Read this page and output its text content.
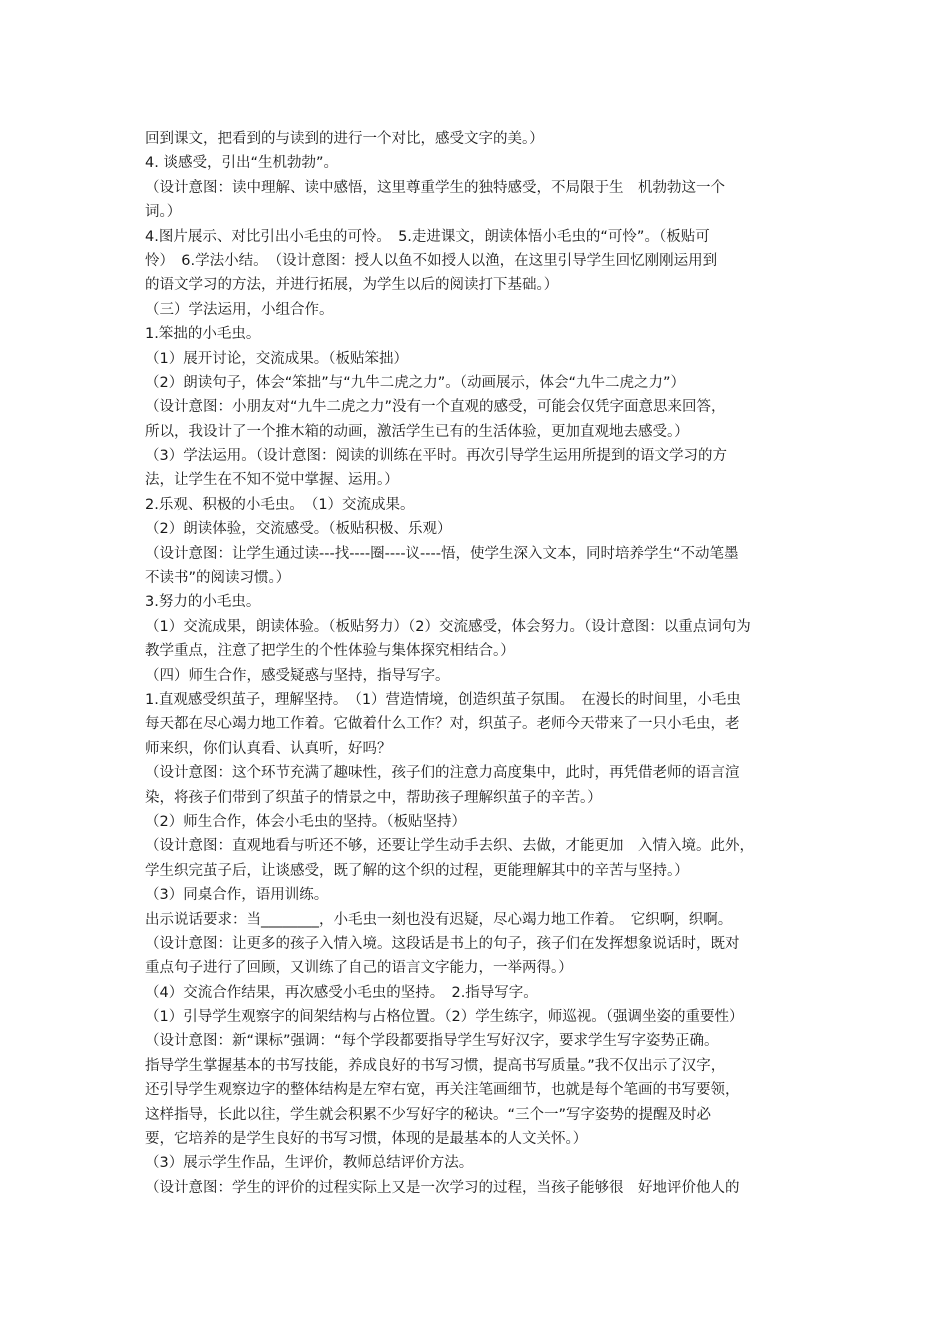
回到课文，把看到的与读到的进行一个对比，感受文字的美。）
4. 谈感受，引出“生机勃勃”。
（设计意图：读中理解、读中感悟，这里尊重学生的独特感受，不局限于生　机勃勃这一个
词。）
4.图片展示、对比引出小毛虫的可怜。　5.走进课文，朗读体悟小毛虫的“可怜”。（板贴可
怜）　6.学法小结。　（设计意图：授人以鱼不如授人以渔，在这里引导学生回忆刚刚运用到
的语文学习的方法，并进行拓展，为学生以后的阅读打下基础。）
（三）学法运用，小组合作。
1.笨拙的小毛虫。
（1）展开讨论，交流成果。（板贴笨拙）
（2）朗读句子，体会“笨拙”与“九牛二虎之力”。（动画展示，体会“九牛二虎之力”）
（设计意图：小朋友对“九牛二虎之力”没有一个直观的感受，可能会仅凭字面意思来回答，
所以，我设计了一个推木箱的动画，激活学生已有的生活体验，更加直观地去感受。）
（3）学法运用。（设计意图：阅读的训练在平时。再次引导学生运用所提到的语文学习的方
法，让学生在不知不觉中掌握、运用。）
2.乐观、积极的小毛虫。　（1）交流成果。
（2）朗读体验，交流感受。（板贴积极、乐观）
（设计意图：让学生通过读---找----圈----议----悟，使学生深入文本，同时培养学生“不动笔墨
不读书”的阅读习惯。）
3.努力的小毛虫。
（1）交流成果，朗读体验。（板贴努力）（2）交流感受，体会努力。（设计意图：以重点词句为
教学重点，注意了把学生的个性体验与集体探究相结合。）
（四）师生合作，感受疑惑与坚持，指导写字。
1.直观感受织茧子，理解坚持。　（1）营造情境，创造织茧子氛围。　在漫长的时间里，小毛虫
每天都在尽心竭力地工作着。它做着什么工作？对，织茧子。老师今天带来了一只小毛虫，老
师来织，你们认真看、认真听，好吗？
（设计意图：这个环节充满了趣味性，孩子们的注意力高度集中，此时，再凭借老师的语言渲
染，将孩子们带到了织茧子的情景之中，帮助孩子理解织茧子的辛苦。）
（2）师生合作，体会小毛虫的坚持。（板贴坚持）
（设计意图：直观地看与听还不够，还要让学生动手去织、去做，才能更加　入情入境。此外，
学生织完茧子后，让谈感受，既了解的这个织的过程，更能理解其中的辛苦与坚持。）
（3）同桌合作，语用训练。
出示说话要求：当________，小毛虫一刻也没有迟疑，尽心竭力地工作着。　它织啊，织啊。
（设计意图：让更多的孩子入情入境。这段话是书上的句子，孩子们在发挥想象说话时，既对
重点句子进行了回顾，又训练了自己的语言文字能力，一举两得。）
（4）交流合作结果，再次感受小毛虫的坚持。　2.指导写字。
（1）引导学生观察字的间架结构与占格位置。（2）学生练字，师巡视。（强调坐姿的重要性）
（设计意图：新“课标”强调：“每个学段都要指导学生写好汉字，要求学生写字姿势正确。
指导学生掌握基本的书写技能，养成良好的书写习惯，提高书写质量。”我不仅出示了汉字，
还引导学生观察边字的整体结构是左窄右宽，再关注笔画细节，也就是每个笔画的书写要领，
这样指导，长此以往，学生就会积累不少写好字的秘诀。“三个一”写字姿势的提醒及时必
要，它培养的是学生良好的书写习惯，体现的是最基本的人文关怀。）
（3）展示学生作品，生评价，教师总结评价方法。
（设计意图：学生的评价的过程实际上又是一次学习的过程，当孩子能够很　好地评价他人的
